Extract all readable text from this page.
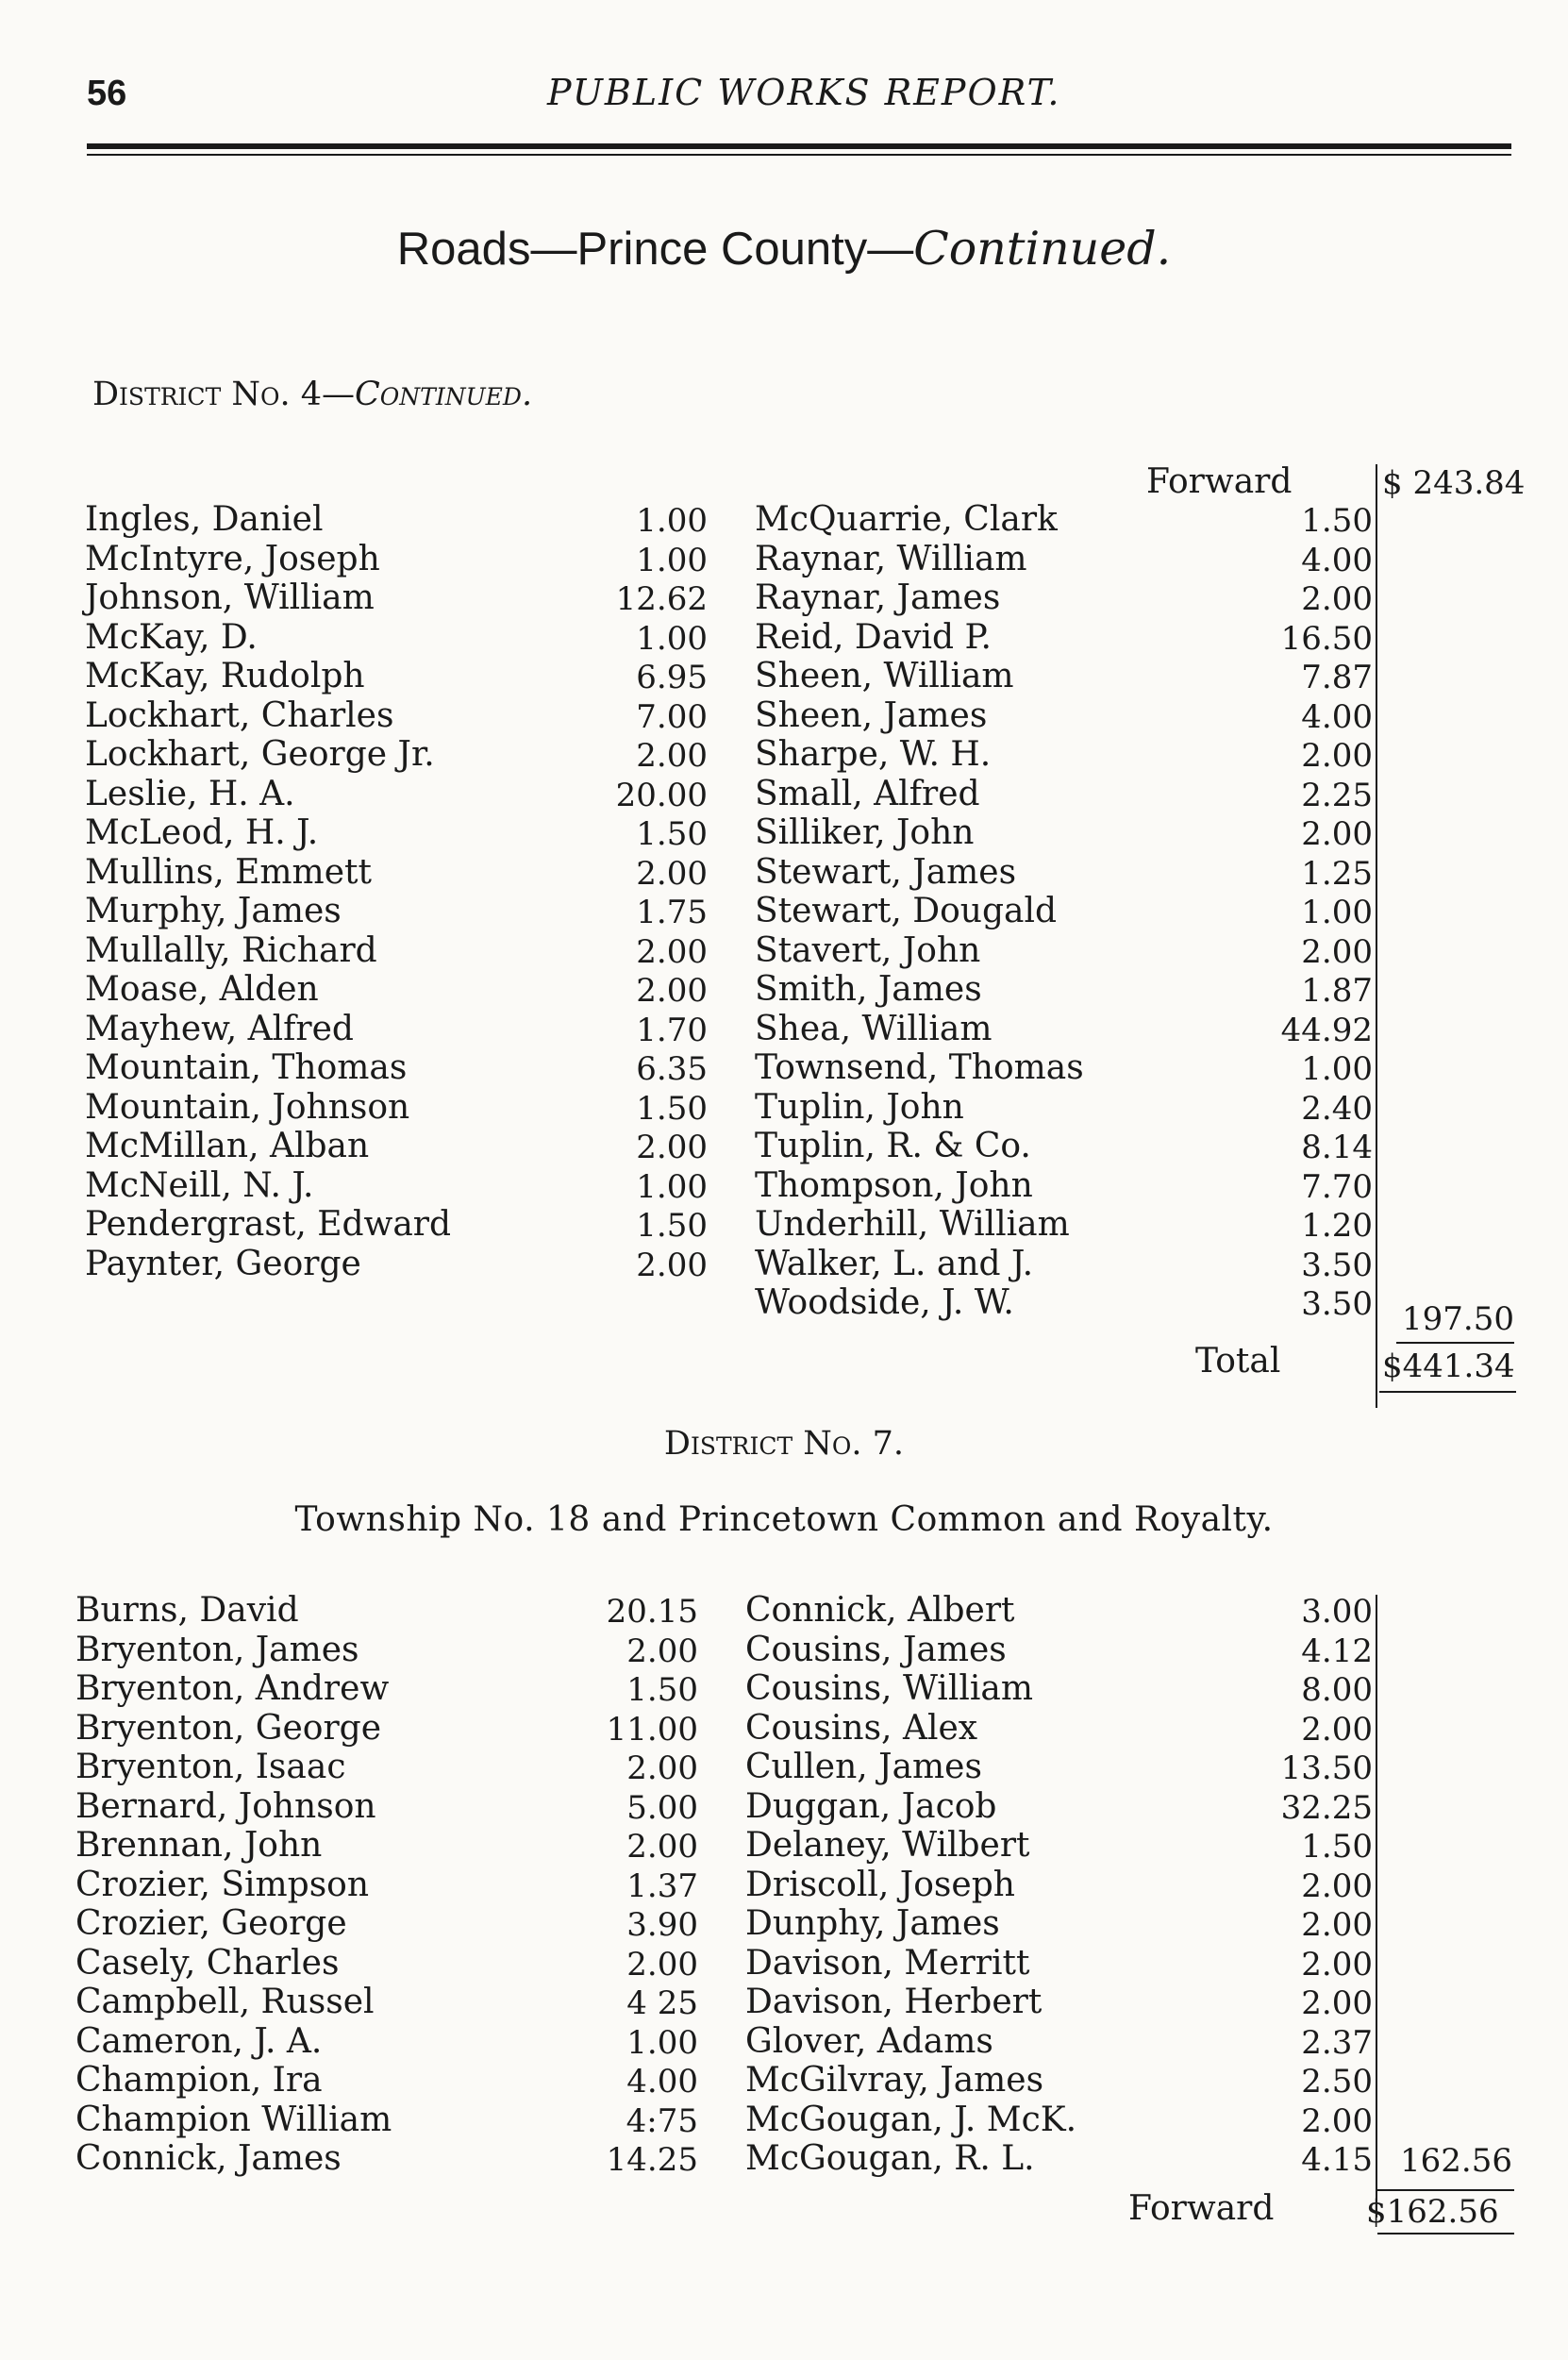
56	PUBLIC WORKS REPORT.
Roads—Prince County—Continued.
District No. 4—Continued.
Forward	$ 243.84
Ingles, Daniel	1.00
McIntyre, Joseph	1.00
Johnson, William	12.62
McKay, D.	1.00
McKay, Rudolph	6.95
Lockhart, Charles	7.00
Lockhart, George Jr.	2.00
Leslie, H. A.	20.00
McLeod, H. J.	1.50
Mullins, Emmett	2.00
Murphy, James	1.75
Mullally, Richard	2.00
Moase, Alden	2.00
Mayhew, Alfred	1.70
Mountain, Thomas	6.35
Mountain, Johnson	1.50
McMillan, Alban	2.00
McNeill, N. J.	1.00
Pendergrast, Edward	1.50
Paynter, George	2.00
McQuarrie, Clark	1.50
Raynar, William	4.00
Raynar, James	2.00
Reid, David P.	16.50
Sheen, William	7.87
Sheen, James	4.00
Sharpe, W. H.	2.00
Small, Alfred	2.25
Silliker, John	2.00
Stewart, James	1.25
Stewart, Dougald	1.00
Stavert, John	2.00
Smith, James	1.87
Shea, William	44.92
Townsend, Thomas	1.00
Tuplin, John	2.40
Tuplin, R. & Co.	8.14
Thompson, John	7.70
Underhill, William	1.20
Walker, L. and J.	3.50
Woodside, J. W.	3.50 197.50
Total	$441.34
District No. 7.
Township No. 18 and Princetown Common and Royalty.
Burns, David	20.15
Bryenton, James	2.00
Bryenton, Andrew	1.50
Bryenton, George	11.00
Bryenton, Isaac	2.00
Bernard, Johnson	5.00
Brennan, John	2.00
Crozier, Simpson	1.37
Crozier, George	3.90
Casely, Charles	2.00
Campbell, Russel	4 25
Cameron, J. A.	1.00
Champion, Ira	4.00
Champion William	4:75
Connick, James	14.25
Connick, Albert	3.00
Cousins, James	4.12
Cousins, William	8.00
Cousins, Alex	2.00
Cullen, James	13.50
Duggan, Jacob	32.25
Delaney, Wilbert	1.50
Driscoll, Joseph	2.00
Dunphy, James	2.00
Davison, Merritt	2.00
Davison, Herbert	2.00
Glover, Adams	2.37
McGilvray, James	2.50
McGougan, J. McK.	2.00
McGougan, R. L.	4.15 162.56
Forward	$162.56
